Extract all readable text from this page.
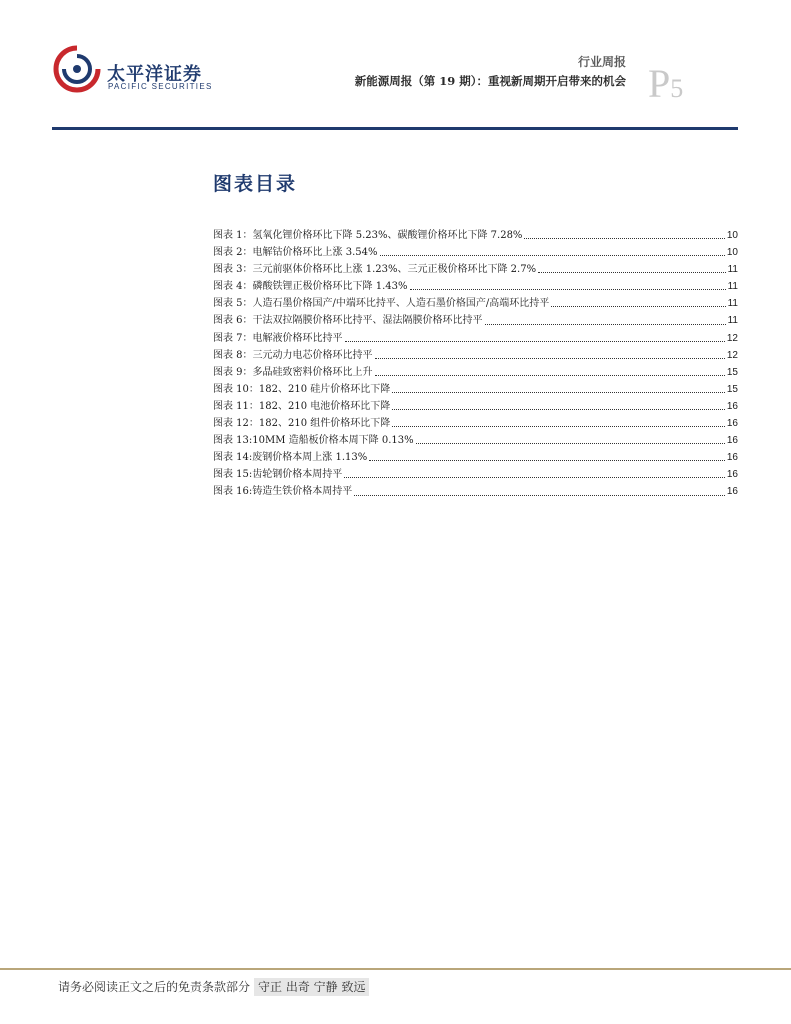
太平洋证券
PACIFIC SECURITIES
行业周报
新能源周报（第 19 期）：重视新周期开启带来的机会 P5
图表目录
图表 1： 氢氧化锂价格环比下降 5.23%、碳酸锂价格环比下降 7.28%	10
图表 2： 电解钴价格环比上涨 3.54%	10
图表 3： 三元前驱体价格环比上涨 1.23%、三元正极价格环比下降 2.7%	11
图表 4： 磷酸铁锂正极价格环比下降 1.43%	11
图表 5： 人造石墨价格国产/中端环比持平、人造石墨价格国产/高端环比持平	11
图表 6： 干法双拉隔膜价格环比持平、湿法隔膜价格环比持平	11
图表 7： 电解液价格环比持平	12
图表 8： 三元动力电芯价格环比持平	12
图表 9： 多晶硅致密料价格环比上升	15
图表 10： 182、210 硅片价格环比下降	15
图表 11： 182、210 电池价格环比下降	16
图表 12： 182、210 组件价格环比下降	16
图表 13: 10MM 造船板价格本周下降 0.13%	16
图表 14: 废钢价格本周上涨 1.13%	16
图表 15: 齿轮钢价格本周持平	16
图表 16: 铸造生铁价格本周持平	16
请务必阅读正文之后的免责条款部分 守正 出奇 宁静 致远
